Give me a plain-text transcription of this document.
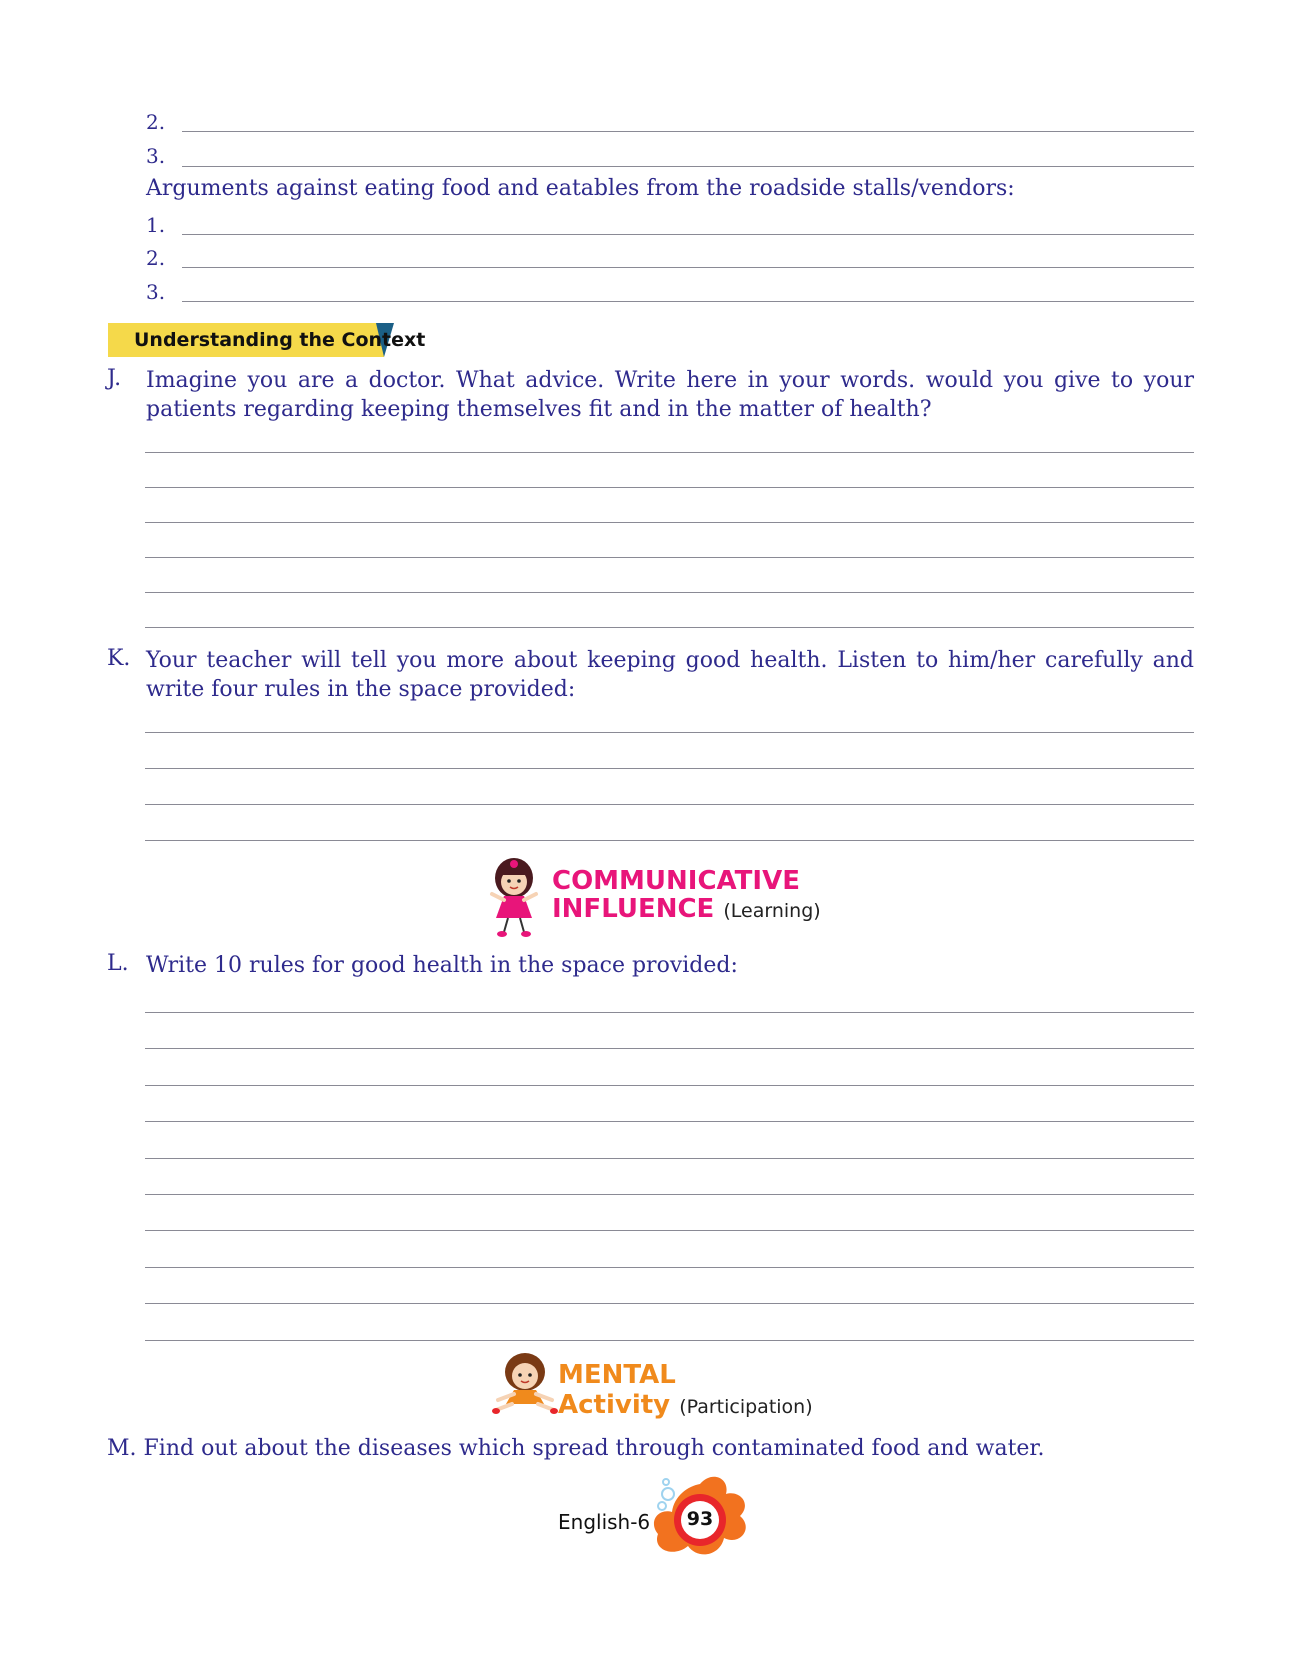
2.
3.
Arguments against eating food and eatables from the roadside stalls/vendors:
1.
2.
3.
Understanding the Context
J. Imagine you are a doctor. What advice. Write here in your words. would you give to your patients regarding keeping themselves fit and in the matter of health?
K. Your teacher will tell you more about keeping good health. Listen to him/her carefully and write four rules in the space provided:
COMMUNICATIVE
INFLUENCE (Learning)
L. Write 10 rules for good health in the space provided:
MENTAL
Activity (Participation)
M. Find out about the diseases which spread through contaminated food and water.
English-6	93
